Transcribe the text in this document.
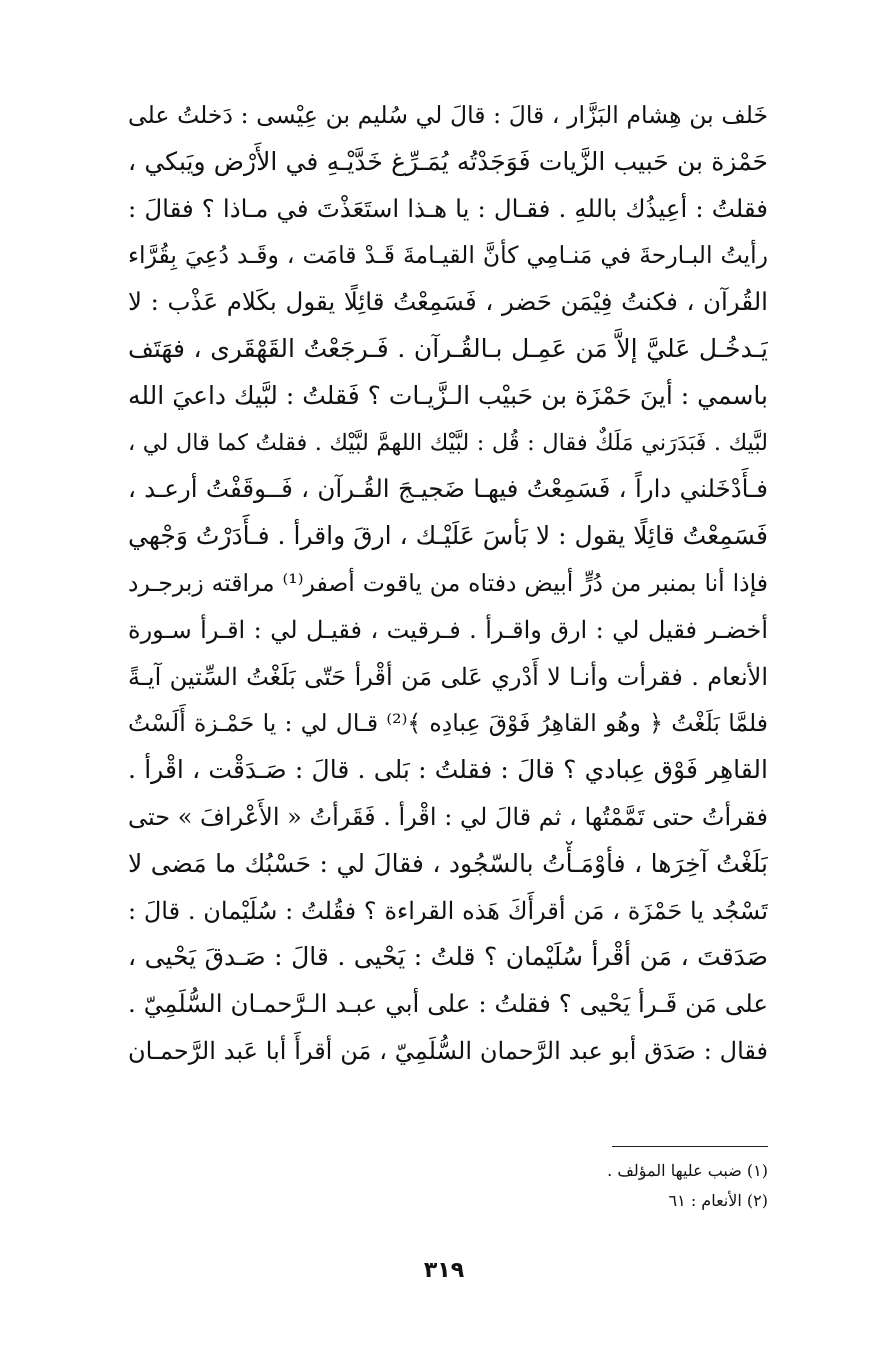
خَلف بن هِشام البَزَّار ، قالَ : قالَ لي سُليم بن عِيْسى : دَخلتُ على
حَمْزة بن حَبيب الزَّيات فَوَجَدْتُه يُمَـرِّغ خَدَّيْـهِ في الأَرْض ويَبكي ،
فقلتُ : أعِيذُك باللهِ . فقـال : يا هـذا استَعَذْتَ في مـاذا ؟ فقالَ :
رأيتُ البـارحةَ في مَنـامِي كأنَّ القيـامةَ قَـدْ قامَت ، وقَـد دُعِيَ بِقُرَّاء
القُرآن ، فكنتُ فِيْمَن حَضر ، فَسَمِعْتُ قائِلًا يقول بكَلام عَذْب : لا
يَـدخُـل عَليَّ إلاَّ مَن عَمِـل بـالقُـرآن . فَـرجَعْتُ القَهْقَرى ، فهَتَف
باسمي : أينَ حَمْزَة بن حَبيْب الـزَّيـات ؟ فَقلتُ : لبَّيك داعيَ الله
لبَّيك . فَبَدَرَني مَلَكٌ فقال : قُل : لبَّيْك اللهمَّ لبَّيْك . فقلتُ كما قال لي ،
فـأَدْخَلني داراً ، فَسَمِعْتُ فيهـا ضَجيـجَ القُـرآن ، فَــوقَفْتُ أرعـد ،
فَسَمِعْتُ قائِلًا يقول : لا بَأسَ عَلَيْـك ، ارقَ واقرأ . فـأَدَرْتُ وَجْهي
فإذا أنا بمنبر من دُرٍّ أبيض دفتاه من ياقوت أصفر⁽¹⁾ مراقته زبرجـرد
أخضـر فقيل لي : ارق واقـرأ . فـرقيت ، فقيـل لي : اقـرأ سـورة
الأنعام . فقرأت وأنـا لا أَدْري عَلى مَن أقْرأ حَتّى بَلَغْتُ السِّتين آيـةً
فلمَّا بَلَغْتُ ﴿ وهُو القاهِرُ فَوْقَ عِبادِه ﴾⁽²⁾ قـال لي : يا حَمْـزة أَلَسْتُ
القاهِر فَوْق عِبادي ؟ قالَ : فقلتُ : بَلى . قالَ : صَـدَقْت ، اقْرأ .
فقرأتُ حتى تَمَّمْتُها ، ثم قالَ لي : اقْرأ . فَقَرأتُ « الأَعْرافَ » حتى
بَلَغْتُ آخِرَها ، فأوْمَـأْتُ بالسّجُود ، فقالَ لي : حَسْبُك ما مَضى لا
تَسْجُد يا حَمْزَة ، مَن أقرأَكَ هَذه القراءة ؟ فقُلتُ : سُلَيْمان . قالَ :
صَدَقتَ ، مَن أقْرأ سُلَيْمان ؟ قلتُ : يَحْيى . قالَ : صَـدقَ يَحْيى ،
على مَن قَـرأ يَحْيى ؟ فقلتُ : على أبي عبـد الـرَّحمـان السُّلَمِيّ .
فقال : صَدَق أبو عبد الرَّحمان السُّلَمِيّ ، مَن أقرأَ أبا عَبد الرَّحمـان
(١) ضبب عليها المؤلف .
(٢) الأنعام : ٦١
٣١٩
